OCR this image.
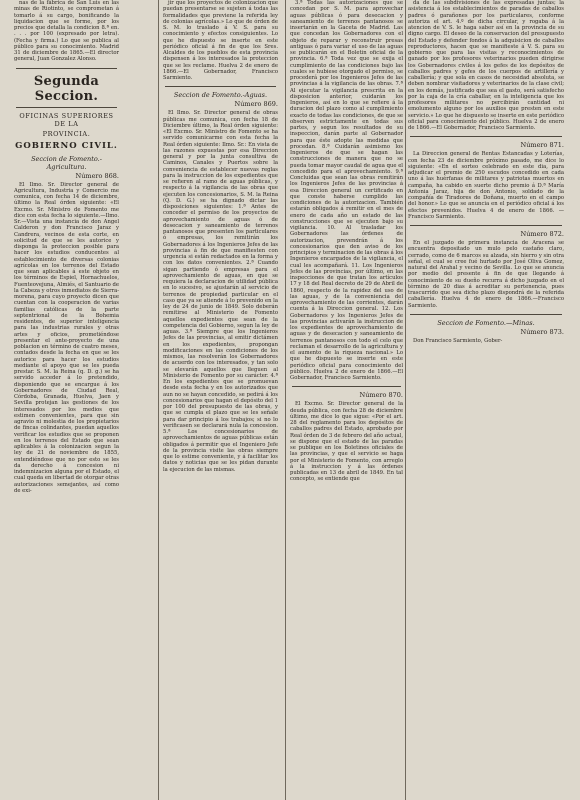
nas de la fábrica de San Luis en las minas de Riotinto, se comprometan á tomarlo á su cargo, bonificando la liquidacion que se forme, por los precios que detalla la condicion 8.ª en. . . . por 100 (expresado por letra). (Fecha y firma.) Lo que se publica al público para su conocimiento. Madrid 31 de diciembre de 1865.—El director general, Juan Gonzalez Alonso.

Segunda Seccion.
OFICINAS SUPERIORES DE LA
PROVINCIA.
GOBIERNO CIVIL.
Seccion de Fomento.-Agricultura.
Número 868.

El Ilmo. Sr. Director general de Agricultura, Industria y Comercio me comunica, con fecha 14 de diciembre, último la Real órden siguiente: «El Excmo. Sr. Ministro de Fomento me dice con esta fecha lo siguiente.—Ilmo. Sr.—Vista una instancia de don Angel Calderon y don Francisco Jaraz y Candrera, vecinos de esta corte, en solicitud de que se les autorice y disponga la proteccion posible para hacer los estudios conducentes al establecimiento de diversas colonias agrícolas en los terrenos del Estado que sean aplicables á este objeto en los términos de Espiel, Hornachuelos, Fuenteovejuna, Almiés, el Santuario de la Cabeza y otros inmediatos de Sierra-morena, para cuyo proyecto dicen que cuentan con la cooperacion de varias familias católicas de la parte septentrional de la Bohemia residentes, de superior inteligencia para las industrias rurales y otras artes y oficios, prometiéndose presentar el ante-proyecto de una poblacion en término de cuatro meses, contados desde la fecha en que se les autorice para hacer los estudios mediante el apoyo que se les pueda prestar. S. M. la Reina (q. D. g.) se ha servido acceder á lo pretendido, disponiendo que se encargue á los Gobernadores de Ciudad Real, Córdoba, Granada, Huelva, Jaen y Sevilla protejan las gestiones de los interesados por los medios que estimen convenientes, para que sin agravio ni molestia de los propietarios de fincas colindantes, puedan aquellos verificar los estudios que se proponen en los terrenos del Estado que sean aplicables á la colonizacion segun la ley de 21 de noviembre de 1855, entendiéndose que no por esto se les da derecho á concesion ni indemnizacion alguna por el Estado, el cual queda en libertad de otorgar otras autorizaciones semejantes, así como de exi-

jir que los proyectos de colonizacion que puedan presentarse se sujeten á todas las formalidades que previene la referida ley de colonias agrícolas.» Lo que de órden de S. M. lo traslado á V. S. para su conocimiento y efectos consiguientes. Lo que he dispuesto se inserte en este periódico oficial á fin de que los Sres. Alcaldes de los pueblos de esta provincia dispensen á los interesados la proteccion que se les reclame. Huelva 2 de enero de 1866.—El Gobernador, Francisco Sarmiento.

Seccion de Fomento.-Aguas.
Número 869.

El Ilmo. Sr. Director general de obras públicas me comunica, con fecha 18 de Diciembre último, la Real órden siguiente: «El Excmo. Sr. Ministro de Fomento se ha servido comunicarme con esta fecha la Real órden siguiente: Ilmo. Sr.: En vista de las razones expuestas por esa Direccion general y por la junta consultiva de Caminos, Canales y Puertos sobre la conveniencia de establecer nuevas reglas para la instruccion de los expedientes que se refieren al ramo de aguas públicas, y respecto á la vigilancia de las obras que ejecuten los concesionarios, S. M. la Reina (Q. D. G.) se ha dignado dictar las disposiciones siguientes: 1.ª Antes de conceder el permiso de los proyectos de aprovechamiento de aguas ó de desecacion y saneamiento de terrenos pantanosos que presenten los particulares ó empresas, los remitirán los Gobernadores á los Ingenieros Jefes de las provincias á fin de que manifiesten con urgencia si están redactados en la forma y con los datos convenientes. 2.ª Cuando sigan partiendo ó empresas para el aprovechamiento de aguas, en que se requiera la declaracion de utilidad pública en lo sucesivo, se ajustarán al servicio de terrenos de propiedad particular en el caso que ya se atiende á lo prevenido en la ley de 24 de junio de 1849. Solo deberán remitirse al Ministerio de Fomento aquellos expedientes que sean de la competencia del Gobierno, segun la ley de aguas. 3.ª Siempre que los Ingenieros Jefes de las provincias, al emitir dictámen en los expedientes, propongan modificaciones en las condiciones de los mismos, las resolverán los Gobernadores de acuerdo con los interesados, y tan solo se elevarán aquellos que lleguen al Ministerio de Fomento por su carácter. 4.ª En los expedientes que se promuevan desde esta fecha y en los autorizados que aun no se hayan concedido, se pedirá á los concesionarios que hagan el depósito del 1 por 100 del presupuesto de las obras, y que se cumpla el plazo que se les señale para dar principio á los trabajos; si no lo verificasen se declarará nula la concesion. 5.ª Los concesionarios de aprovechamientos de aguas públicas están obligados á permitir que el Ingeniero Jefe de la provincia visite las obras siempre que lo estime conveniente, y á facilitar los datos y noticias que se les pidan durante la ejecucion de las mismas.

3.ª Todas las autorizaciones que se concedan por S. M. para aprovechar aguas públicas ó para desecacion y saneamiento de terrenos pantanosos se insertarán en la Gaceta de Madrid. Las que concedan los Gobernadores con el objeto de reparar y reconstruir presas antiguas ó para variar el uso de las aguas se publicarán en el Boletin oficial de la provincia. 6.ª Toda vez que se exija el cumplimiento de las condiciones bajo las cuales se hubiese otorgado el permiso, se procederá por los Ingenieros Jefes de las provincias á la vigilancia de las obras. 7.ª Al ejecutar la vigilancia prescrita en la disposicion anterior, cuidarán los Ingenieros, así en lo que se refiere á la duracion del plazo como al cumplimiento exacto de todas las condiciones, de que se observen estrictamente en todas sus partes, y segun los resultados de su inspeccion, darán parte al Gobernador para que éste adopte las medidas que procedan. 8.ª Cuidarán asimismo los Ingenieros de que se hagan las construcciones de manera que no se pueda tomar mayor caudal de agua que el concedido para el aprovechamiento. 9.ª Concluidas que sean las obras remitirán los Ingenieros Jefes de las provincias á esa Direccion general un certificado en que conste haberse cumplido las condiciones de la autorizacion. También estarán obligados á remitir en el mes de enero de cada año un estado de las construcciones que se ejecuten bajo su vigilancia. 10. Al trasladar los Gobernadores las órdenes de autorizacion, prevendrán á los concesionarios que den aviso de los principios y terminacion de las obras á los Ingenieros encargados de la vigilancia, el cual les acompañará. 11. Los Ingenieros Jefes de las provincias, por último, en las inspecciones de que tratan los artículos 17 y 18 del Real decreto de 29 de Abril de 1860, respecto de la rapidez del uso de las aguas, y de la conveniencia del aprovechamiento de las corrientes, darán cuenta á la Direccion general. 12. Los Gobernadores y los Ingenieros Jefes de las provincias activarán la instruccion de los expedientes de aprovechamiento de aguas y de desecacion y saneamiento de terrenos pantanosos con todo el celo que reclaman el desarrollo de la agricultura y el aumento de la riqueza nacional.» Lo que he dispuesto se inserte en este periódico oficial para conocimiento del público. Huelva 2 de enero de 1866.—El Gobernador, Francisco Sarmiento.

Número 870.

El Excmo. Sr. Director general de la deuda pública, con fecha 28 de diciembre último, me dice lo que sigue: «Por el art. 28 del reglamento para los depósitos de caballos padres del Estado, aprobado por Real órden de 3 de febrero del año actual, se dispone que el estado de las paradas se publique en los Boletines oficiales de las provincias, y que el servicio se haga por el Ministerio de Fomento, con arreglo á la instruccion y á las órdenes publicadas en 13 de abril de 1849. En tal concepto, se entiende que

da de las subdivisiones de las expresadas juntas; la asistencia á los establecimientos de paradas de caballos padres ó garañones por los particulares, conforme autoriza el art. 4.º de dicha circular, y rogaba á la atencion de V. S. le haga saber así en la provincia de su digno cargo. El deseo de la conservacion del presupuesto del Estado y defender fondos á la adquisicion de caballos reproductores, hacen que se manifieste á V. S. para su gobierno que para las visitas y reconocimientos de ganado por los profesores veterinarios pueden dirigirse los Gobernadores civiles á los gefes de los depósitos de caballos padres y gefes de los cuerpos de artillería y caballería; y que sola en casos de necesidad absoluta, se deben nombrar visitadores y veterinarios de la clase civil; en los demás, justificado que sea el gasto, será satisfecho por la caja de la cría caballar, en la inteligencia que los profesores militares no percibirán cantidad ni emolumento alguno por los auxilios que presten en este servicio.» Lo que he dispuesto se inserte en este periódico oficial para conocimiento del público. Huelva 2 de enero de 1866.—El Gobernador, Francisco Sarmiento.

Número 871.

La Direccion general de Rentas Estancadas y Loterías, con fecha 23 de diciembre próximo pasado, me dice lo siguiente: «En el sorteo celebrado en este dia, para adjudicar el premio de 250 escudos concedido en cada uno á las huérfanas de militares y patriotas muertos en campaña, ha cabido en suerte dicho premio á D.ª María Antonia Jaraz, hija de don Antonio, soldado de la compañía de Tiradores de Doñana, muerto en el campo del honor.» Lo que se anuncia en el periódico oficial á los efectos prevenidos. Huelva 4 de enero de 1866. —Francisco Sarmiento.

Número 872.

En el juzgado de primera instancia de Aracena se encuentra depositado un mulo pelo castaño claro, cerrado, como de 6 marcos su alzada, sin hierro y sin otra señal, el cual se cree fué hurtado por José Oliva Gomez, natural del Arahal y vecino de Sevilla. Lo que se anuncia por medio del presente á fin de que llegando á conocimiento de su dueño recurra á dicho juzgado en el término de 20 dias á acreditar su pertenencia, pues trascurrido que sea dicho plazo dispondrá de la referida caballería. Huelva 4 de enero de 1866.—Francisco Sarmiento.

Seccion de Fomento.—Minas.
Número 873.

Don Francisco Sarmiento, Gober-
